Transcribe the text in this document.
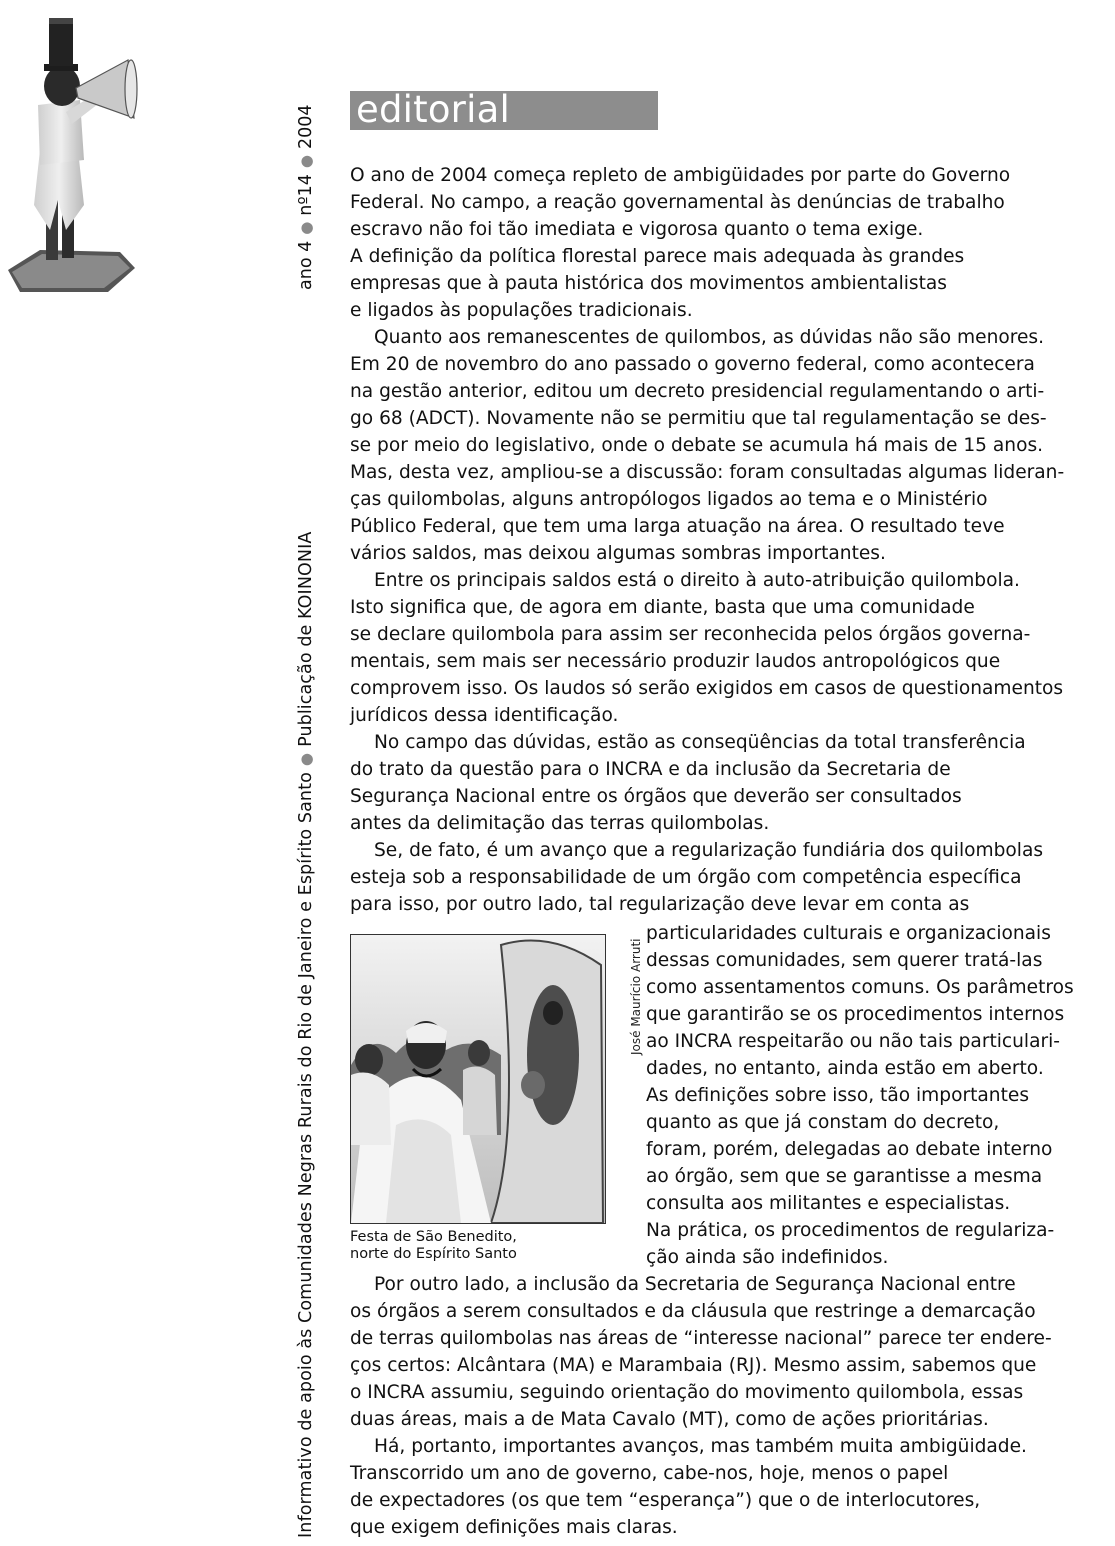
ano 4●nº14●2004
Informativo de apoio às Comunidades Negras Rurais do Rio de Janeiro e Espírito Santo●Publicação de KOINONIA
editorial

O ano de 2004 começa repleto de ambigüidades por parte do Governo
Federal. No campo, a reação governamental às denúncias de trabalho
escravo não foi tão imediata e vigorosa quanto o tema exige.
A definição da política florestal parece mais adequada às grandes
empresas que à pauta histórica dos movimentos ambientalistas
e ligados às populações tradicionais.

Quanto aos remanescentes de quilombos, as dúvidas não são menores.
Em 20 de novembro do ano passado o governo federal, como acontecera
na gestão anterior, editou um decreto presidencial regulamentando o arti-
go 68 (ADCT). Novamente não se permitiu que tal regulamentação se des-
se por meio do legislativo, onde o debate se acumula há mais de 15 anos.
Mas, desta vez, ampliou-se a discussão: foram consultadas algumas lideran-
ças quilombolas, alguns antropólogos ligados ao tema e o Ministério
Público Federal, que tem uma larga atuação na área. O resultado teve
vários saldos, mas deixou algumas sombras importantes.

Entre os principais saldos está o direito à auto-atribuição quilombola.
Isto significa que, de agora em diante, basta que uma comunidade
se declare quilombola para assim ser reconhecida pelos órgãos governa-
mentais, sem mais ser necessário produzir laudos antropológicos que
comprovem isso. Os laudos só serão exigidos em casos de questionamentos
jurídicos dessa identificação.

No campo das dúvidas, estão as conseqüências da total transferência
do trato da questão para o INCRA e da inclusão da Secretaria de
Segurança Nacional entre os órgãos que deverão ser consultados
antes da delimitação das terras quilombolas.

Se, de fato, é um avanço que a regularização fundiária dos quilombolas
esteja sob a responsabilidade de um órgão com competência específica
para isso, por outro lado, tal regularização deve levar em conta as

José Maurício Arruti
Festa de São Benedito,
norte do Espírito Santo

particularidades culturais e organizacionais
dessas comunidades, sem querer tratá-las
como assentamentos comuns. Os parâmetros
que garantirão se os procedimentos internos
ao INCRA respeitarão ou não tais particulari-
dades, no entanto, ainda estão em aberto.
As definições sobre isso, tão importantes
quanto as que já constam do decreto,
foram, porém, delegadas ao debate interno
ao órgão, sem que se garantisse a mesma
consulta aos militantes e especialistas.

Na prática, os procedimentos de regulariza-
ção ainda são indefinidos.

Por outro lado, a inclusão da Secretaria de Segurança Nacional entre
os órgãos a serem consultados e da cláusula que restringe a demarcação
de terras quilombolas nas áreas de “interesse nacional” parece ter endere-
ços certos: Alcântara (MA) e Marambaia (RJ). Mesmo assim, sabemos que
o INCRA assumiu, seguindo orientação do movimento quilombola, essas
duas áreas, mais a de Mata Cavalo (MT), como de ações prioritárias.

Há, portanto, importantes avanços, mas também muita ambigüidade.
Transcorrido um ano de governo, cabe-nos, hoje, menos o papel
de expectadores (os que tem “esperança”) que o de interlocutores,
que exigem definições mais claras.
